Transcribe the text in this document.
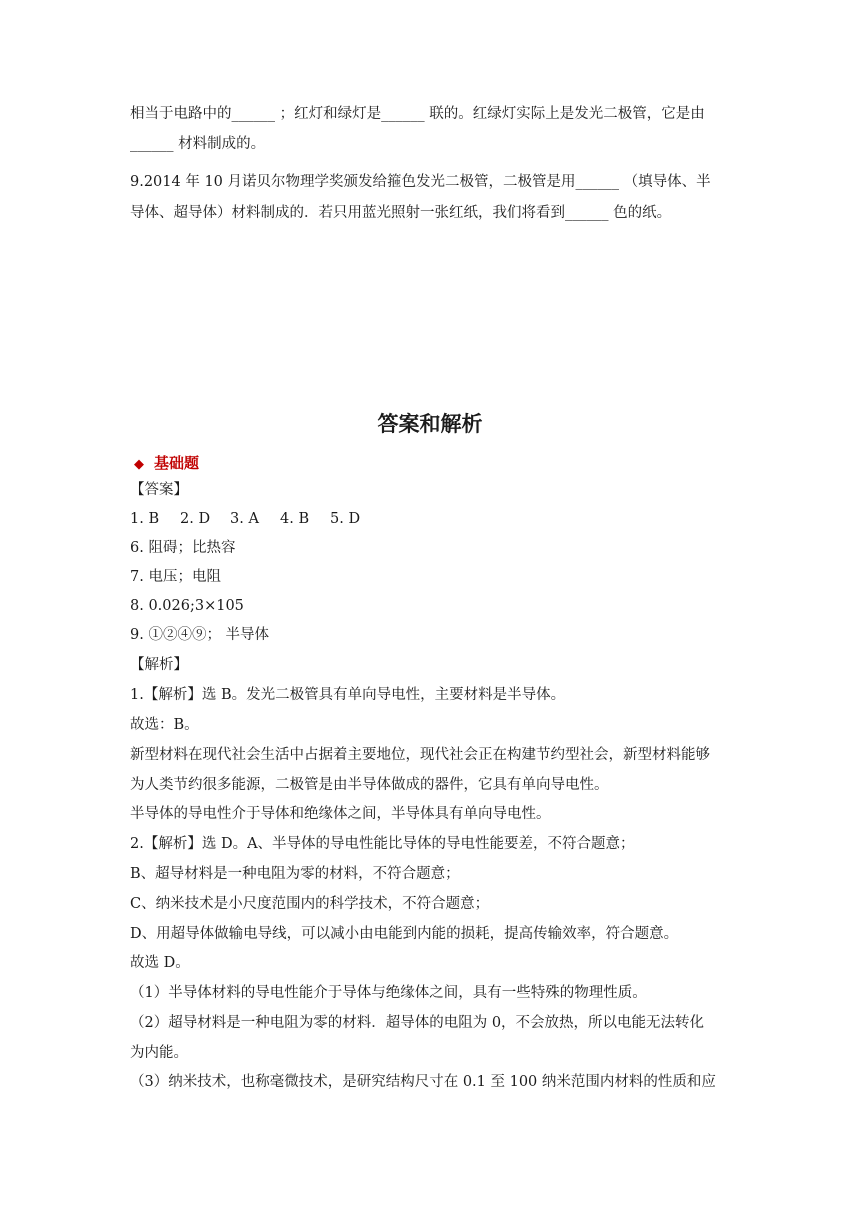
相当于电路中的______ ；红灯和绿灯是______ 联的。红绿灯实际上是发光二极管，它是由
______ 材料制成的。
9.2014 年 10 月诺贝尔物理学奖颁发给箍色发光二极管，二极管是用______ （填导体、半
导体、超导体）材料制成的．若只用蓝光照射一张红纸，我们将看到______ 色的纸。
答案和解析
◆ 基础题
【答案】
1. B 2. D 3. A 4. B 5. D
6. 阻碍；比热容
7. 电压；电阻
8. 0.026;3×105
9. ①②④⑨； 半导体
【解析】
1.【解析】选 B。发光二极管具有单向导电性，主要材料是半导体。
故选：B。
新型材料在现代社会生活中占据着主要地位，现代社会正在构建节约型社会，新型材料能够
为人类节约很多能源，二极管是由半导体做成的器件，它具有单向导电性。
半导体的导电性介于导体和绝缘体之间，半导体具有单向导电性。
2.【解析】选 D。A、半导体的导电性能比导体的导电性能要差，不符合题意；
B、超导材料是一种电阻为零的材料，不符合题意；
C、纳米技术是小尺度范围内的科学技术，不符合题意；
D、用超导体做输电导线，可以减小由电能到内能的损耗，提高传输效率，符合题意。
故选 D。
（1）半导体材料的导电性能介于导体与绝缘体之间，具有一些特殊的物理性质。
（2）超导材料是一种电阻为零的材料．超导体的电阻为 0，不会放热，所以电能无法转化
为内能。
（3）纳米技术，也称毫微技术，是研究结构尺寸在 0.1 至 100 纳米范围内材料的性质和应
